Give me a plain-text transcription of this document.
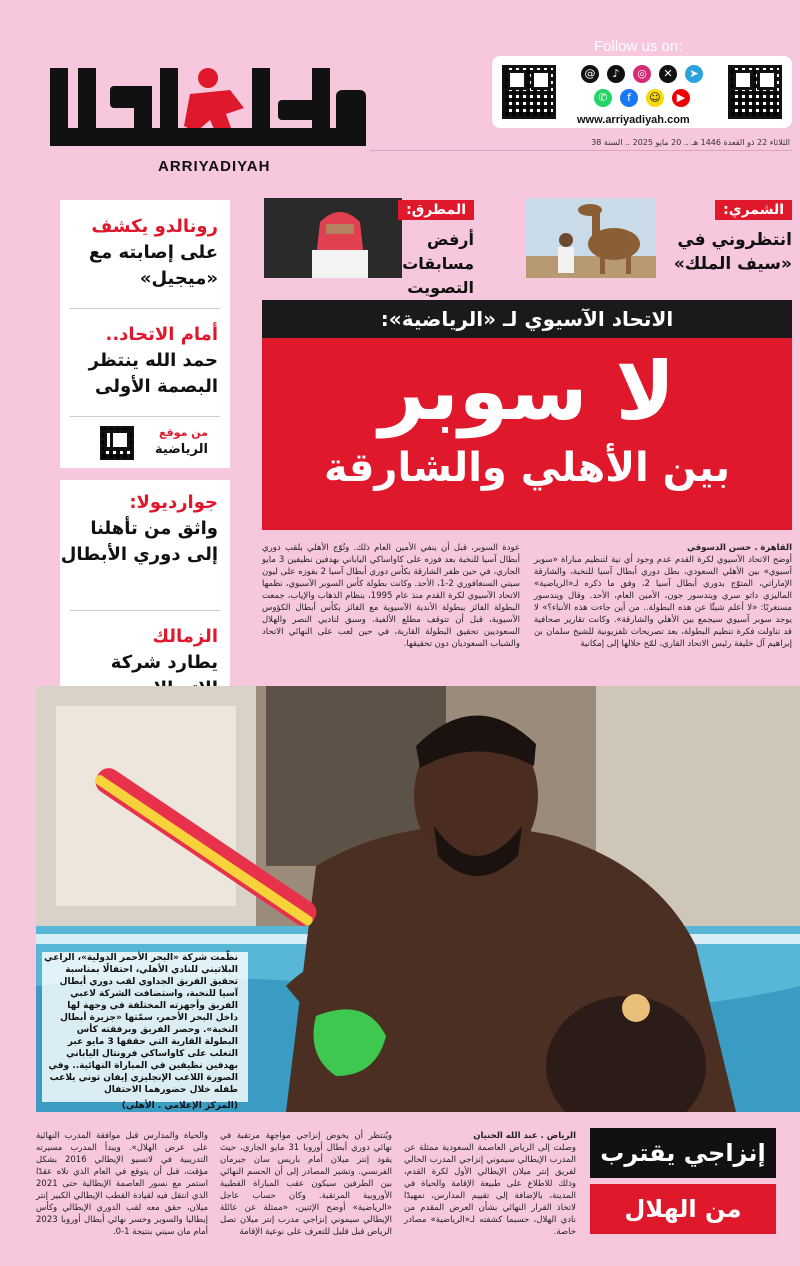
ARRIYADIYAH
Follow us on:
@	♪	◎	✕	➤
✆	f	☺	▶
www.arriyadiyah.com
الثلاثاء 22 ذو القعدة 1446 هـ .. 20 مايو 2025 .. السنة 38
الشمري:
انتظروني في «سيف الملك»
المطرق:
أرفض مسابقات التصويت
رونالدو يكشف
على إصابته مع «ميجيل»
أمام الاتحاد..
حمد الله ينتظر البصمة الأولى
من موقع
الرياضية
جوارديولا:
واثق من تأهلنا إلى دوري الأبطال
الزمالك
يطارد شركة
الاتحاد الآسيوي لـ «الرياضية»:
لا سوبر
بين الأهلي والشارقة
القاهرة . حسن الدسوقي
أوضح الاتحاد الآسيوي لكرة القدم عدم وجود أي نية لتنظيم مباراة «سوبر آسيوي» بين الأهلي السعودي، بطل دوري أبطال آسيا للنخبة، والشارقة الإماراتي، المتوّج بدوري أبطال آسيا 2، وفق ما ذكره لـ«الرياضية» المالیزي داتو سري ويندسور جون، الأمين العام، الأحد. وقال ويندسور مستغربًا: «لا أعلم شيئًا عن هذه البطولة.. من أين جاءت هذه الأنباء؟» لا يوجد سوبر آسيوي سيجمع بين الأهلي والشارقة». وكانت تقارير صحافية قد تناولت فكرة تنظيم البطولة، بعد تصريحات تلفزيونية للشيخ سلمان بن إبراهيم آل خليفة رئيس الاتحاد القاري، لمّح خلالها إلى إمكانية
عودة السوبر، قبل أن ينفي الأمين العام ذلك. وتُوّج الأهلي بلقب دوري أبطال آسيا للنخبة بعد فوزه على كاواساكي الياباني بهدفين نظيفين 3 مايو الجاري، في حين ظفر الشارقة بكأس دوري أبطال آسيا 2 بفوزه على ليون سيتي السنغافوري 2-1، الأحد. وكانت بطولة كأس السوبر الآسيوي، نظمها الاتحاد الآسيوي لكرة القدم منذ عام 1995، بنظام الذهاب والإياب، جمعت البطولة الفائز ببطولة الأندية الآسيوية مع الفائز بكأس أبطال الكؤوس الآسيوية، قبل أن تتوقف مطلع الألفية. وسبق لناديي النصر والهلال السعوديين تحقيق البطولة القارية، في حين لعب على النهائي الاتحاد والشباب السعوديان دون تحقيقها.
نظّمت شركة «البحر الأحمر الدولية»، الراعي البلاتيني للنادي الأهلي، احتفالًا بمناسبة تحقيق الفريق الجداوي لقب دوري أبطال آسيا للنخبة، واستضافت الشركة لاعبي الفريق وأجهزته المختلفة في وجهة لها داخل البحر الأحمر، سمّتها «جزيرة أبطال النخبة». وحصر الفريق وبرفقته كأس البطولة القارية التي حققها 3 مايو عبر التغلب على كاواساكي فرونتال الياباني بهدفين نظيفين في المباراة النهائية.. وفي الصورة اللاعب الإنجليزي إيفان توني يلاعب طفله خلال حضورهما الاحتفال
(المركز الإعلامي . الأهلي)
الرياض . عبد الله الحنيان
وصلت إلى الرياض العاصمة السعودية ممثلة عن المدرب الإيطالي سيموني إنزاجي المدرب الحالي لفريق إنتر ميلان الإيطالي الأول لكرة القدم، وذلك للاطلاع على طبيعة الإقامة والحياة في المدينة، بالإضافة إلى تقييم المدارس، تمهيدًا لاتخاذ القرار النهائي بشأن العرض المقدم من نادي الهلال، حسبما كشفته لـ«الرياضية» مصادر خاصة.
ويُنتظر أن يخوض إنزاجي مواجهة مرتقبة في نهائي دوري أبطال أوروبا 31 مايو الجاري، حيث يقود إنتر ميلان أمام باريس سان جيرمان الفرنسي. وتشير المصادر إلى أن الحسم النهائي بين الطرفين سيكون عقب المباراة القطبية الأوروبية المرتقبة. وكان حساب عاجل «الرياضية» أوضح الإثنين، «ممثلة عن عائلة الإيطالي سيموني إنزاجي مدرب إنتر ميلان تصل الرياض قبل قليل للتعرف على نوعية الإقامة
والحياة والمدارس قبل موافقة المدرب النهائية على عرض الهلال». ويبدأ المدرب مسيرته التدريبية في لاتسيو الإيطالي 2016 بشكل مؤقت، قبل أن يتوقع في العام الذي تلاه عقدًا استمر مع نسور العاصمة الإيطالية حتى 2021 الذي انتقل فيه لقيادة القطب الإيطالي الكبير إنتر ميلان، حقق معه لقب الدوري الإيطالي وكأس إيطاليا والسوبر وخسر نهائي أبطال أوروبا 2023 أمام مان سيتي بنتيجة 1-0.
إنزاجي يقترب
من الهلال
